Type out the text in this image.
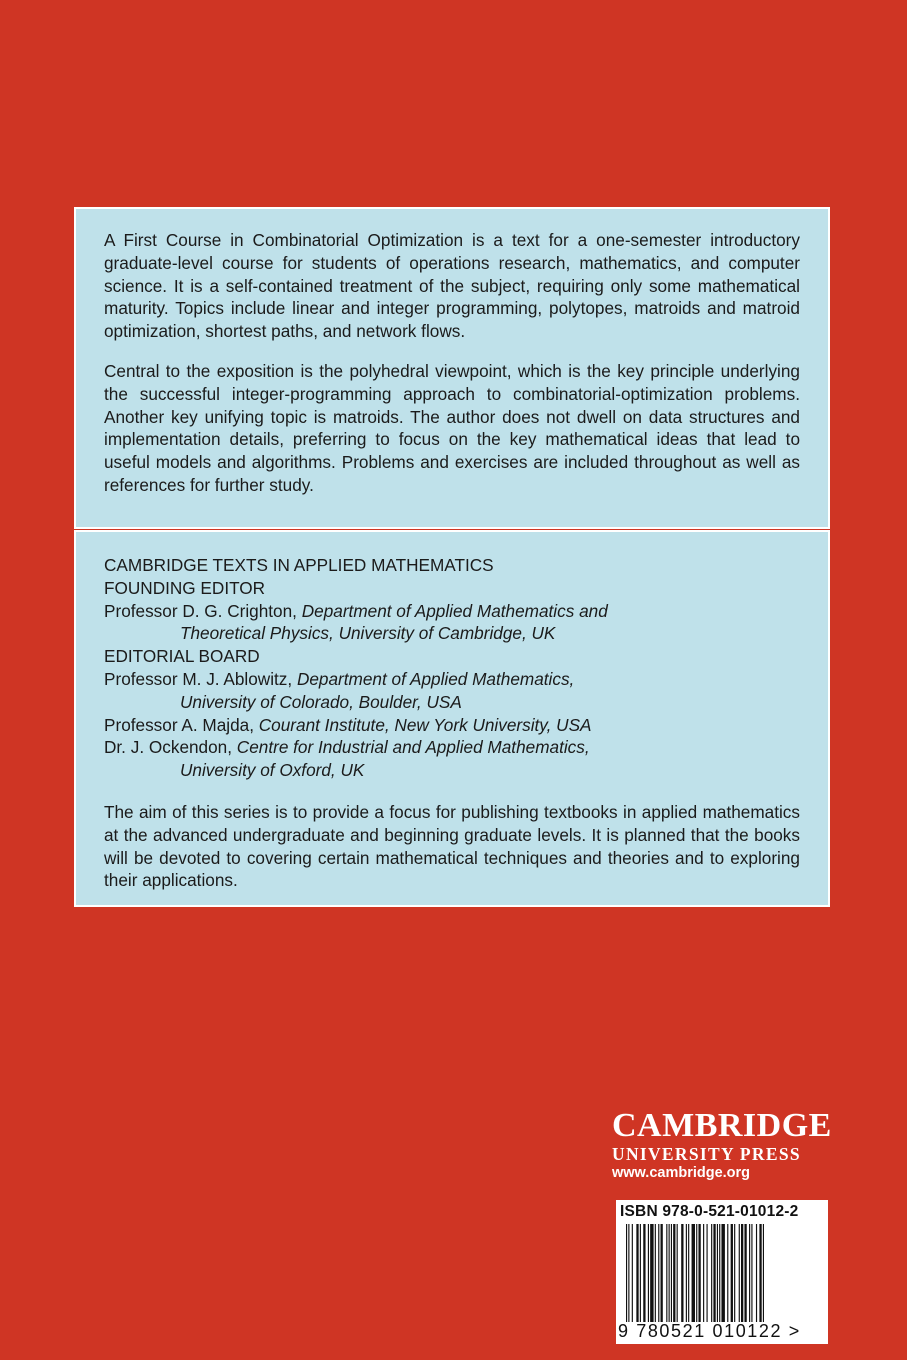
A First Course in Combinatorial Optimization is a text for a one-semester introductory graduate-level course for students of operations research, mathematics, and computer science. It is a self-contained treatment of the subject, requiring only some mathematical maturity. Topics include linear and integer programming, polytopes, matroids and matroid optimization, shortest paths, and network flows.

Central to the exposition is the polyhedral viewpoint, which is the key principle underlying the successful integer-programming approach to combinatorial-optimization problems. Another key unifying topic is matroids. The author does not dwell on data structures and implementation details, preferring to focus on the key mathematical ideas that lead to useful models and algorithms. Problems and exercises are included throughout as well as references for further study.

CAMBRIDGE TEXTS IN APPLIED MATHEMATICS
FOUNDING EDITOR
Professor D. G. Crighton, Department of Applied Mathematics and
Theoretical Physics, University of Cambridge, UK
EDITORIAL BOARD
Professor M. J. Ablowitz, Department of Applied Mathematics,
University of Colorado, Boulder, USA
Professor A. Majda, Courant Institute, New York University, USA
Dr. J. Ockendon, Centre for Industrial and Applied Mathematics,
University of Oxford, UK

The aim of this series is to provide a focus for publishing textbooks in applied mathematics at the advanced undergraduate and beginning graduate levels. It is planned that the books will be devoted to covering certain mathematical techniques and theories and to exploring their applications.

CAMBRIDGE
UNIVERSITY PRESS
www.cambridge.org
ISBN 978-0-521-01012-2
9 780521 010122 >
